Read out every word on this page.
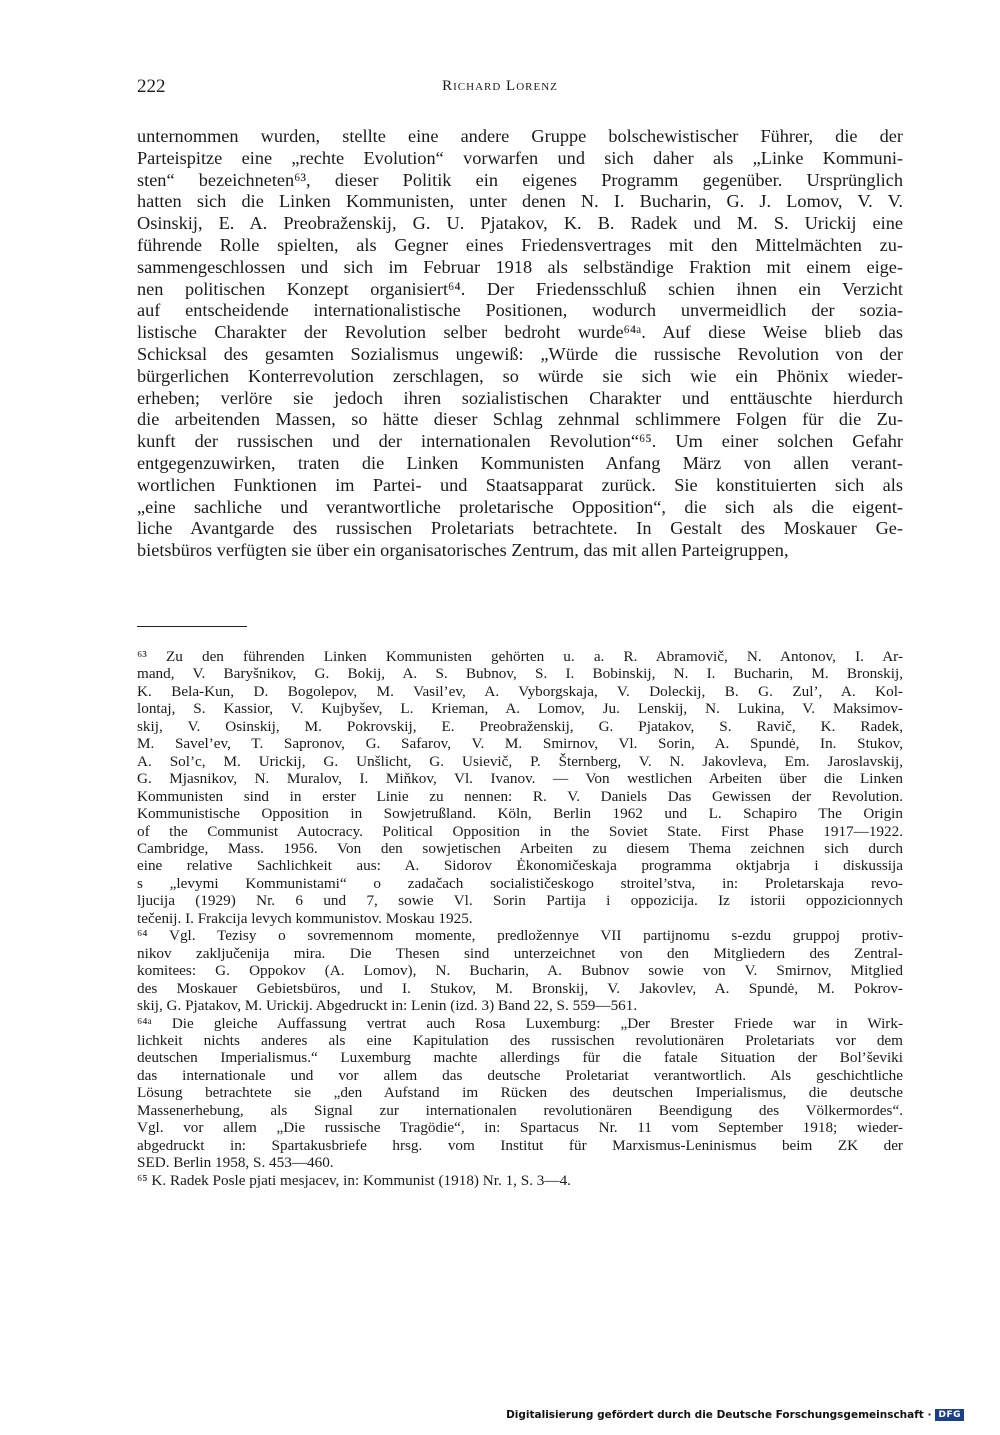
222	Richard Lorenz
unternommen wurden, stellte eine andere Gruppe bolschewistischer Führer, die der
Parteispitze eine „rechte Evolution“ vorwarfen und sich daher als „Linke Kommuni-
sten“ bezeichneten⁶³, dieser Politik ein eigenes Programm gegenüber. Ursprünglich
hatten sich die Linken Kommunisten, unter denen N. I. Bucharin, G. J. Lomov, V. V.
Osinskij, E. A. Preobraženskij, G. U. Pjatakov, K. B. Radek und M. S. Urickij eine
führende Rolle spielten, als Gegner eines Friedensvertrages mit den Mittelmächten zu-
sammengeschlossen und sich im Februar 1918 als selbständige Fraktion mit einem eige-
nen politischen Konzept organisiert⁶⁴. Der Friedensschluß schien ihnen ein Verzicht
auf entscheidende internationalistische Positionen, wodurch unvermeidlich der sozia-
listische Charakter der Revolution selber bedroht wurde⁶⁴ᵃ. Auf diese Weise blieb das
Schicksal des gesamten Sozialismus ungewiß: „Würde die russische Revolution von der
bürgerlichen Konterrevolution zerschlagen, so würde sie sich wie ein Phönix wieder-
erheben; verlöre sie jedoch ihren sozialistischen Charakter und enttäuschte hierdurch
die arbeitenden Massen, so hätte dieser Schlag zehnmal schlimmere Folgen für die Zu-
kunft der russischen und der internationalen Revolution“⁶⁵. Um einer solchen Gefahr
entgegenzuwirken, traten die Linken Kommunisten Anfang März von allen verant-
wortlichen Funktionen im Partei- und Staatsapparat zurück. Sie konstituierten sich als
„eine sachliche und verantwortliche proletarische Opposition“, die sich als die eigent-
liche Avantgarde des russischen Proletariats betrachtete. In Gestalt des Moskauer Ge-
bietsbüros verfügten sie über ein organisatorisches Zentrum, das mit allen Parteigruppen,
⁶³ Zu den führenden Linken Kommunisten gehörten u. a. R. Abramovič, N. Antonov, I. Ar-
mand, V. Baryšnikov, G. Bokij, A. S. Bubnov, S. I. Bobinskij, N. I. Bucharin, M. Bronskij,
K. Bela-Kun, D. Bogolepov, M. Vasil’ev, A. Vyborgskaja, V. Doleckij, B. G. Zul’, A. Kol-
lontaj, S. Kassior, V. Kujbyšev, L. Krieman, A. Lomov, Ju. Lenskij, N. Lukina, V. Maksimov-
skij, V. Osinskij, M. Pokrovskij, E. Preobraženskij, G. Pjatakov, S. Ravič, K. Radek,
M. Savel’ev, T. Sapronov, G. Safarov, V. M. Smirnov, Vl. Sorin, A. Spundė, In. Stukov,
A. Sol’c, M. Urickij, G. Unšlicht, G. Usievič, P. Šternberg, V. N. Jakovleva, Em. Jaroslavskij,
G. Mjasnikov, N. Muralov, I. Miňkov, Vl. Ivanov. — Von westlichen Arbeiten über die Linken
Kommunisten sind in erster Linie zu nennen: R. V. Daniels Das Gewissen der Revolution.
Kommunistische Opposition in Sowjetrußland. Köln, Berlin 1962 und L. Schapiro The Origin
of the Communist Autocracy. Political Opposition in the Soviet State. First Phase 1917—1922.
Cambridge, Mass. 1956. Von den sowjetischen Arbeiten zu diesem Thema zeichnen sich durch
eine relative Sachlichkeit aus: A. Sidorov Ėkonomičeskaja programma oktjabrja i diskussija
s „levymi Kommunistami“ o zadačach socialističeskogo stroitel’stva, in: Proletarskaja revo-
ljucija (1929) Nr. 6 und 7, sowie Vl. Sorin Partija i oppozicija. Iz istorii oppozicionnych
tečenij. I. Frakcija levych kommunistov. Moskau 1925.
⁶⁴ Vgl. Tezisy o sovremennom momente, predložennye VII partijnomu s-ezdu gruppoj protiv-
nikov zaključenija mira. Die Thesen sind unterzeichnet von den Mitgliedern des Zentral-
komitees: G. Oppokov (A. Lomov), N. Bucharin, A. Bubnov sowie von V. Smirnov, Mitglied
des Moskauer Gebietsbüros, und I. Stukov, M. Bronskij, V. Jakovlev, A. Spundė, M. Pokrov-
skij, G. Pjatakov, M. Urickij. Abgedruckt in: Lenin (izd. 3) Band 22, S. 559—561.
⁶⁴ᵃ Die gleiche Auffassung vertrat auch Rosa Luxemburg: „Der Brester Friede war in Wirk-
lichkeit nichts anderes als eine Kapitulation des russischen revolutionären Proletariats vor dem
deutschen Imperialismus.“ Luxemburg machte allerdings für die fatale Situation der Bol’ševiki
das internationale und vor allem das deutsche Proletariat verantwortlich. Als geschichtliche
Lösung betrachtete sie „den Aufstand im Rücken des deutschen Imperialismus, die deutsche
Massenerhebung, als Signal zur internationalen revolutionären Beendigung des Völkermordes“.
Vgl. vor allem „Die russische Tragödie“, in: Spartacus Nr. 11 vom September 1918; wieder-
abgedruckt in: Spartakusbriefe hrsg. vom Institut für Marxismus-Leninismus beim ZK der
SED. Berlin 1958, S. 453—460.
⁶⁵ K. Radek Posle pjati mesjacev, in: Kommunist (1918) Nr. 1, S. 3—4.
Digitalisierung gefördert durch die Deutsche Forschungsgemeinschaft · DFG
